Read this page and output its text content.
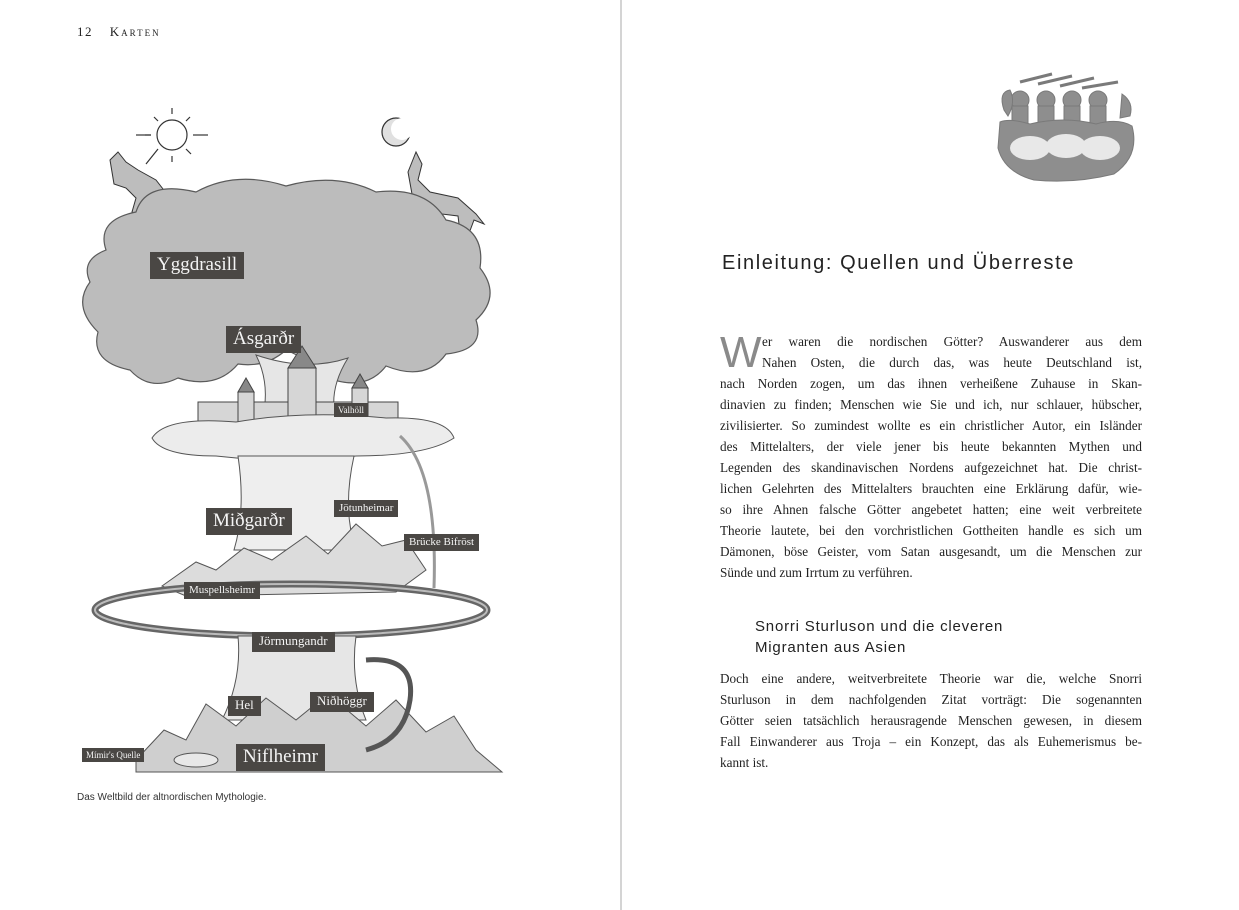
12 Karten
Yggdrasill
Ásgarðr
Valhöll
Miðgarðr
Jötunheimar
Brücke Bifröst
Muspellsheimr
Jörmungandr
Hel	Niðhöggr
Mímir's Quelle	Niflheimr
Das Weltbild der altnordischen Mythologie.
Einleitung: Quellen und Überreste
W er waren die nordischen Götter? Auswanderer aus dem
Nahen Osten, die durch das, was heute Deutschland ist,
nach Norden zogen, um das ihnen verheißene Zuhause in Skan-
dinavien zu finden; Menschen wie Sie und ich, nur schlauer, hübscher,
zivilisierter. So zumindest wollte es ein christlicher Autor, ein Isländer
des Mittelalters, der viele jener bis heute bekannten Mythen und
Legenden des skandinavischen Nordens aufgezeichnet hat. Die christ-
lichen Gelehrten des Mittelalters brauchten eine Erklärung dafür, wie-
so ihre Ahnen falsche Götter angebetet hatten; eine weit verbreitete
Theorie lautete, bei den vorchristlichen Gottheiten handle es sich um
Dämonen, böse Geister, vom Satan ausgesandt, um die Menschen zur
Sünde und zum Irrtum zu verführen.
Snorri Sturluson und die cleveren
Migranten aus Asien
Doch eine andere, weitverbreitete Theorie war die, welche Snorri
Sturluson in dem nachfolgenden Zitat vorträgt: Die sogenannten
Götter seien tatsächlich herausragende Menschen gewesen, in diesem
Fall Einwanderer aus Troja – ein Konzept, das als Euhemerismus be-
kannt ist.
